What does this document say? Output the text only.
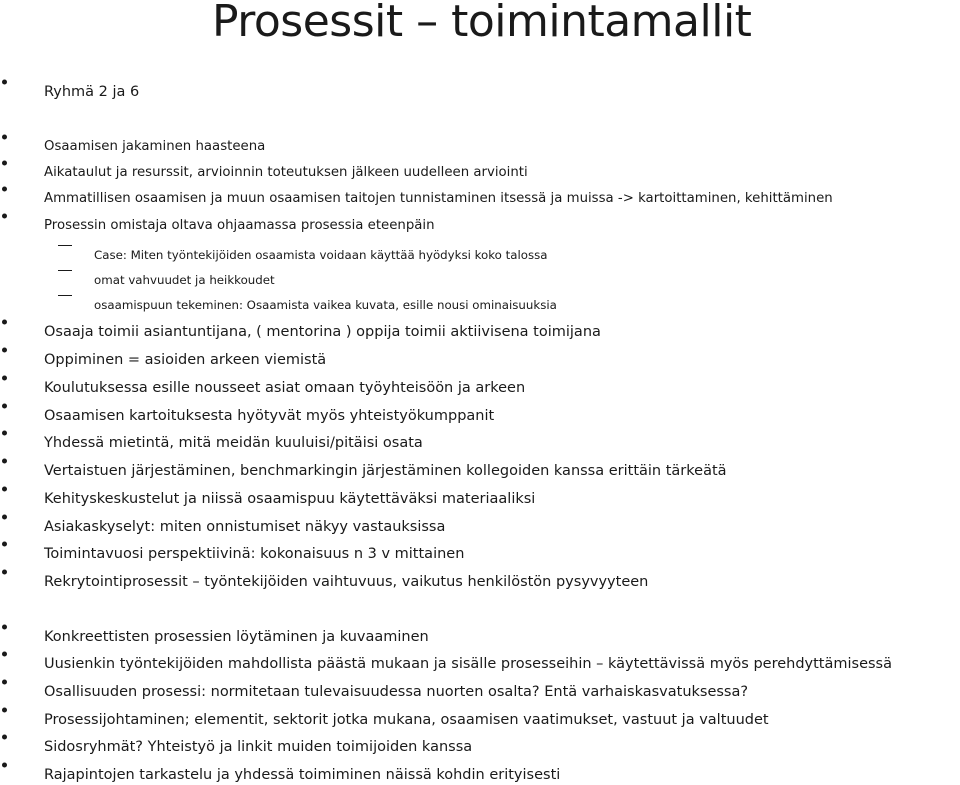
Prosessit – toimintamallit
Ryhmä 2 ja 6
Osaamisen jakaminen haasteena
Aikataulut ja resurssit, arvioinnin toteutuksen jälkeen uudelleen arviointi
Ammatillisen osaamisen ja muun osaamisen taitojen tunnistaminen itsessä ja muissa -> kartoittaminen, kehittäminen
Prosessin omistaja oltava ohjaamassa prosessia eteenpäin
Case: Miten työntekijöiden osaamista voidaan käyttää hyödyksi koko talossa
omat vahvuudet ja heikkoudet
osaamispuun tekeminen: Osaamista vaikea kuvata, esille nousi ominaisuuksia
Osaaja toimii asiantuntijana, ( mentorina ) oppija toimii aktiivisena toimijana
Oppiminen = asioiden arkeen viemistä
Koulutuksessa esille nousseet asiat omaan työyhteisöön ja arkeen
Osaamisen kartoituksesta hyötyvät myös yhteistyökumppanit
Yhdessä mietintä, mitä meidän kuuluisi/pitäisi osata
Vertaistuen järjestäminen, benchmarkingin järjestäminen kollegoiden kanssa erittäin tärkeätä
Kehityskeskustelut ja niissä osaamispuu käytettäväksi materiaaliksi
Asiakaskyselyt: miten onnistumiset näkyy vastauksissa
Toimintavuosi perspektiivinä: kokonaisuus n 3 v mittainen
Rekrytointiprosessit – työntekijöiden vaihtuvuus, vaikutus henkilöstön pysyvyyteen
Konkreettisten prosessien löytäminen ja kuvaaminen
Uusienkin työntekijöiden mahdollista päästä mukaan ja sisälle prosesseihin – käytettävissä myös perehdyttämisessä
Osallisuuden prosessi: normitetaan tulevaisuudessa nuorten osalta? Entä varhaiskasvatuksessa?
Prosessijohtaminen; elementit, sektorit jotka mukana, osaamisen vaatimukset, vastuut ja valtuudet
Sidosryhmät? Yhteistyö ja linkit muiden toimijoiden kanssa
Rajapintojen tarkastelu ja yhdessä toimiminen näissä kohdin erityisesti
